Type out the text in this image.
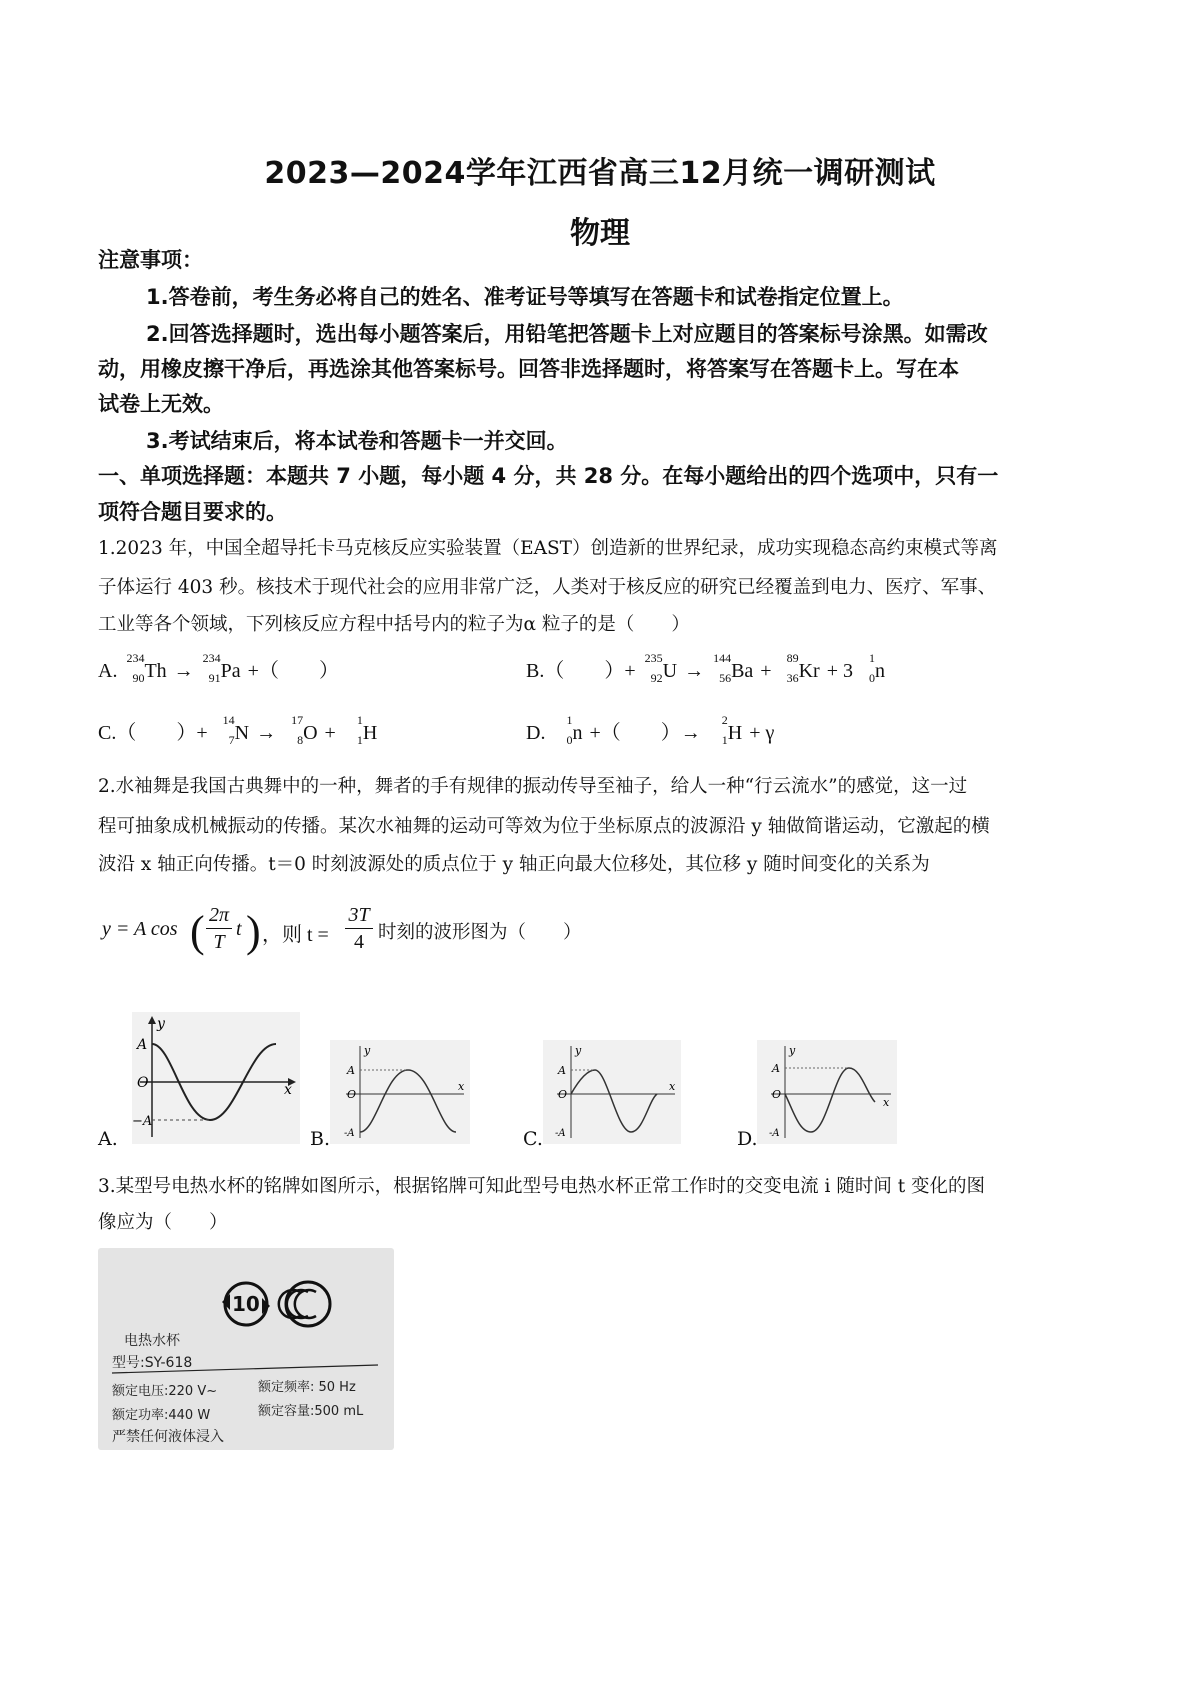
2023—2024学年江西省高三12月统一调研测试
物理
注意事项：
1.答卷前，考生务必将自己的姓名、准考证号等填写在答题卡和试卷指定位置上。
2.回答选择题时，选出每小题答案后，用铅笔把答题卡上对应题目的答案标号涂黑。如需改
动，用橡皮擦干净后，再选涂其他答案标号。回答非选择题时，将答案写在答题卡上。写在本
试卷上无效。
3.考试结束后，将本试卷和答题卡一并交回。
一、单项选择题：本题共 7 小题，每小题 4 分，共 28 分。在每小题给出的四个选项中，只有一
项符合题目要求的。
1.2023 年，中国全超导托卡马克核反应实验装置（EAST）创造新的世界纪录，成功实现稳态高约束模式等离
子体运行 403 秒。核技术于现代社会的应用非常广泛，人类对于核反应的研究已经覆盖到电力、医疗、军事、
工业等各个领域，下列核反应方程中括号内的粒子为α 粒子的是（　　）
A.
234
90 Th →
234
91 Pa +（　　）	B.（　　）+
235
92 U →
144
56 Ba +
89
36 Kr + 3
1
0 n
C.（　　）+
14
7 N →
17
8 O +
1
1 H	D.
1
0 n +（　　）→
2
1 H + γ
2.水袖舞是我国古典舞中的一种，舞者的手有规律的振动传导至袖子，给人一种“行云流水”的感觉，这一过
程可抽象成机械振动的传播。某次水袖舞的运动可等效为位于坐标原点的波源沿 y 轴做简谐运动，它激起的横
波沿 x 轴正向传播。t＝0 时刻波源处的质点位于 y 轴正向最大位移处，其位移 y 随时间变化的关系为
y = A cos ( 2π
T
t ) ，则 t =
3T
4 时刻的波形图为（　　）
y
x
A
O
−A
A.
y
x
A
O
-A
B.
y
x
A
O
-A
C.
y
x
A
O
-A
D.
3.某型号电热水杯的铭牌如图所示，根据铭牌可知此型号电热水杯正常工作时的交变电流 i 随时间 t 变化的图
像应为（　　）
10
电热水杯
型号:SY-618
额定电压:220 V~	额定频率: 50 Hz
额定功率:440 W	额定容量:500 mL
严禁任何液体浸入
